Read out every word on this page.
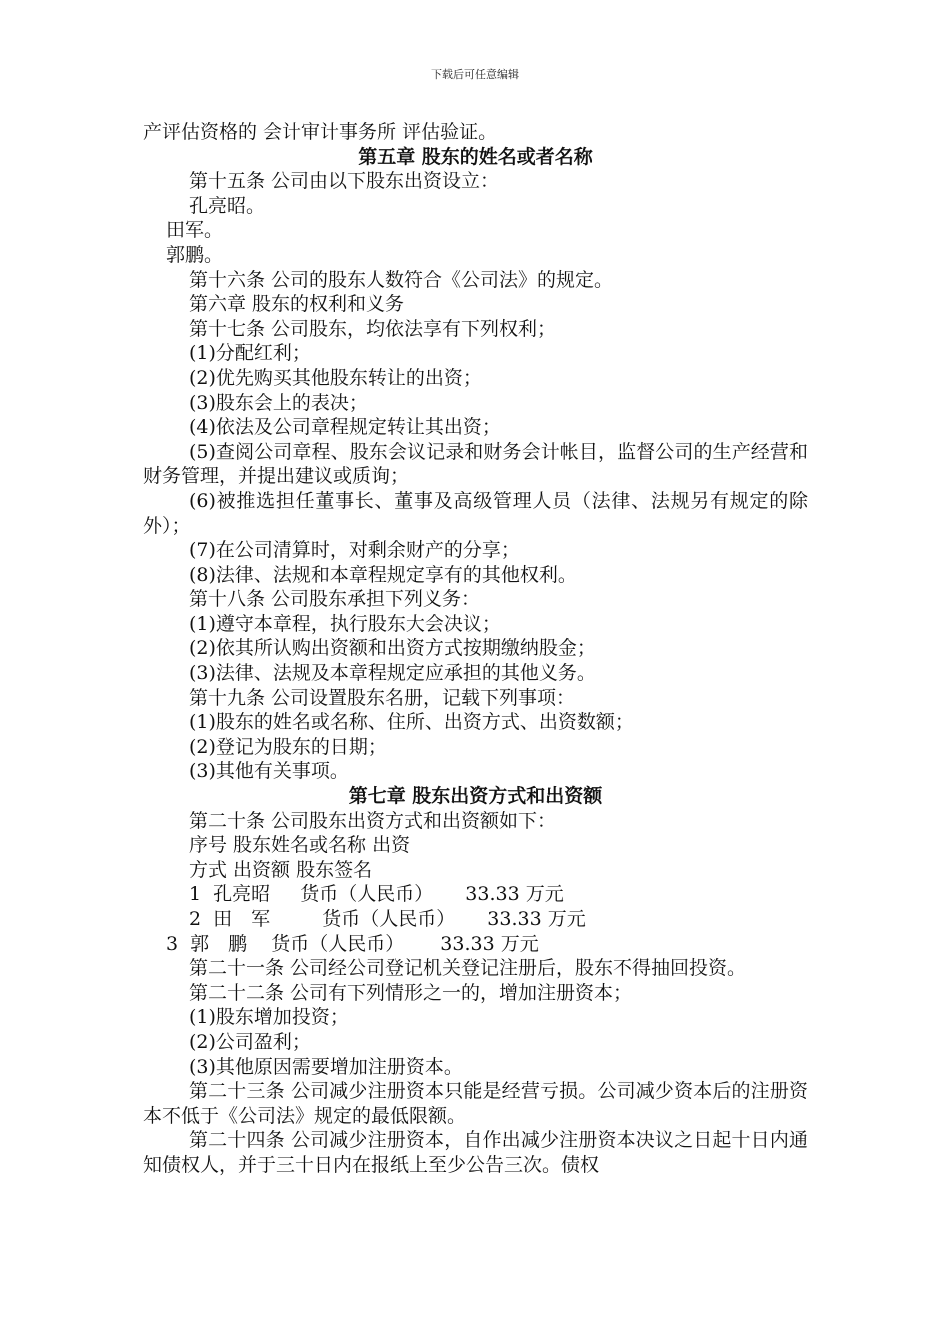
下载后可任意编辑
产评估资格的 会计审计事务所 评估验证。
第五章 股东的姓名或者名称
第十五条 公司由以下股东出资设立：
孔亮昭。
田军。
郭鹏。
第十六条 公司的股东人数符合《公司法》的规定。
第六章 股东的权利和义务
第十七条 公司股东，均依法享有下列权利；
(1)分配红利；
(2)优先购买其他股东转让的出资；
(3)股东会上的表决；
(4)依法及公司章程规定转让其出资；
(5)查阅公司章程、股东会议记录和财务会计帐目，监督公司的生产经营和财务管理，并提出建议或质询；
(6)被推选担任董事长、董事及高级管理人员（法律、法规另有规定的除外）；
(7)在公司清算时，对剩余财产的分享；
(8)法律、法规和本章程规定享有的其他权利。
第十八条 公司股东承担下列义务：
(1)遵守本章程，执行股东大会决议；
(2)依其所认购出资额和出资方式按期缴纳股金；
(3)法律、法规及本章程规定应承担的其他义务。
第十九条 公司设置股东名册，记载下列事项：
(1)股东的姓名或名称、住所、出资方式、出资数额；
(2)登记为股东的日期；
(3)其他有关事项。
第七章 股东出资方式和出资额
第二十条 公司股东出资方式和出资额如下：
序号 股东姓名或名称 出资
方式 出资额 股东签名
1 孔亮昭 货币（人民币） 33.33 万元
2 田　军	货币（人民币） 33.33 万元
3 郭　鹏 货币（人民币） 33.33 万元
第二十一条 公司经公司登记机关登记注册后，股东不得抽回投资。
第二十二条 公司有下列情形之一的，增加注册资本；
(1)股东增加投资；
(2)公司盈利；
(3)其他原因需要增加注册资本。
第二十三条 公司减少注册资本只能是经营亏损。公司减少资本后的注册资本不低于《公司法》规定的最低限额。
第二十四条 公司减少注册资本，自作出减少注册资本决议之日起十日内通知债权人，并于三十日内在报纸上至少公告三次。债权
